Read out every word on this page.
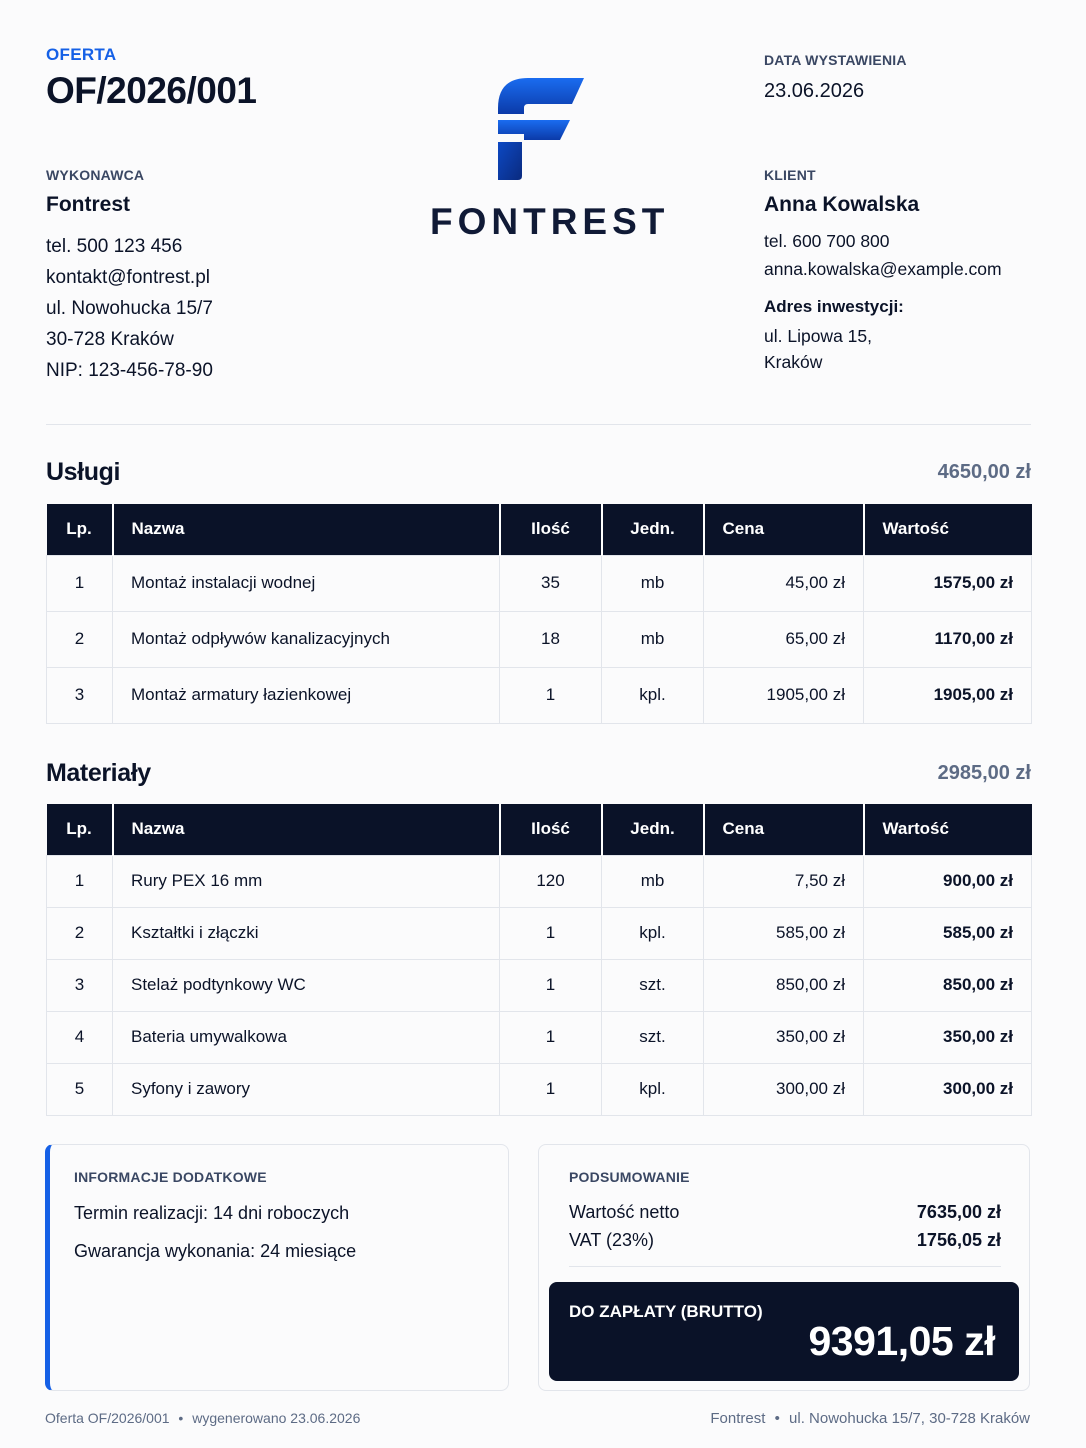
OFERTA
OF/2026/001
WYKONAWCA
Fontrest
tel. 500 123 456
kontakt@fontrest.pl
ul. Nowohucka 15/7
30-728 Kraków
NIP: 123-456-78-90
FONTREST
DATA WYSTAWIENIA
23.06.2026
KLIENT
Anna Kowalska
tel. 600 700 800
anna.kowalska@example.com
Adres inwestycji:
ul. Lipowa 15,
Kraków
Usługi	4650,00 zł
Lp.	Nazwa	Ilość	Jedn.	Cena	Wartość
1	Montaż instalacji wodnej	35	mb	45,00 zł	1575,00 zł
2	Montaż odpływów kanalizacyjnych	18	mb	65,00 zł	1170,00 zł
3	Montaż armatury łazienkowej	1	kpl.	1905,00 zł	1905,00 zł
Materiały	2985,00 zł
Lp.	Nazwa	Ilość	Jedn.	Cena	Wartość
1	Rury PEX 16 mm	120	mb	7,50 zł	900,00 zł
2	Kształtki i złączki	1	kpl.	585,00 zł	585,00 zł
3	Stelaż podtynkowy WC	1	szt.	850,00 zł	850,00 zł
4	Bateria umywalkowa	1	szt.	350,00 zł	350,00 zł
5	Syfony i zawory	1	kpl.	300,00 zł	300,00 zł
INFORMACJE DODATKOWE
Termin realizacji: 14 dni roboczych
Gwarancja wykonania: 24 miesiące
PODSUMOWANIE
Wartość netto	7635,00 zł
VAT (23%)	1756,05 zł
DO ZAPŁATY (BRUTTO)
9391,05 zł
Oferta OF/2026/001 • wygenerowano 23.06.2026	Fontrest • ul. Nowohucka 15/7, 30-728 Kraków
